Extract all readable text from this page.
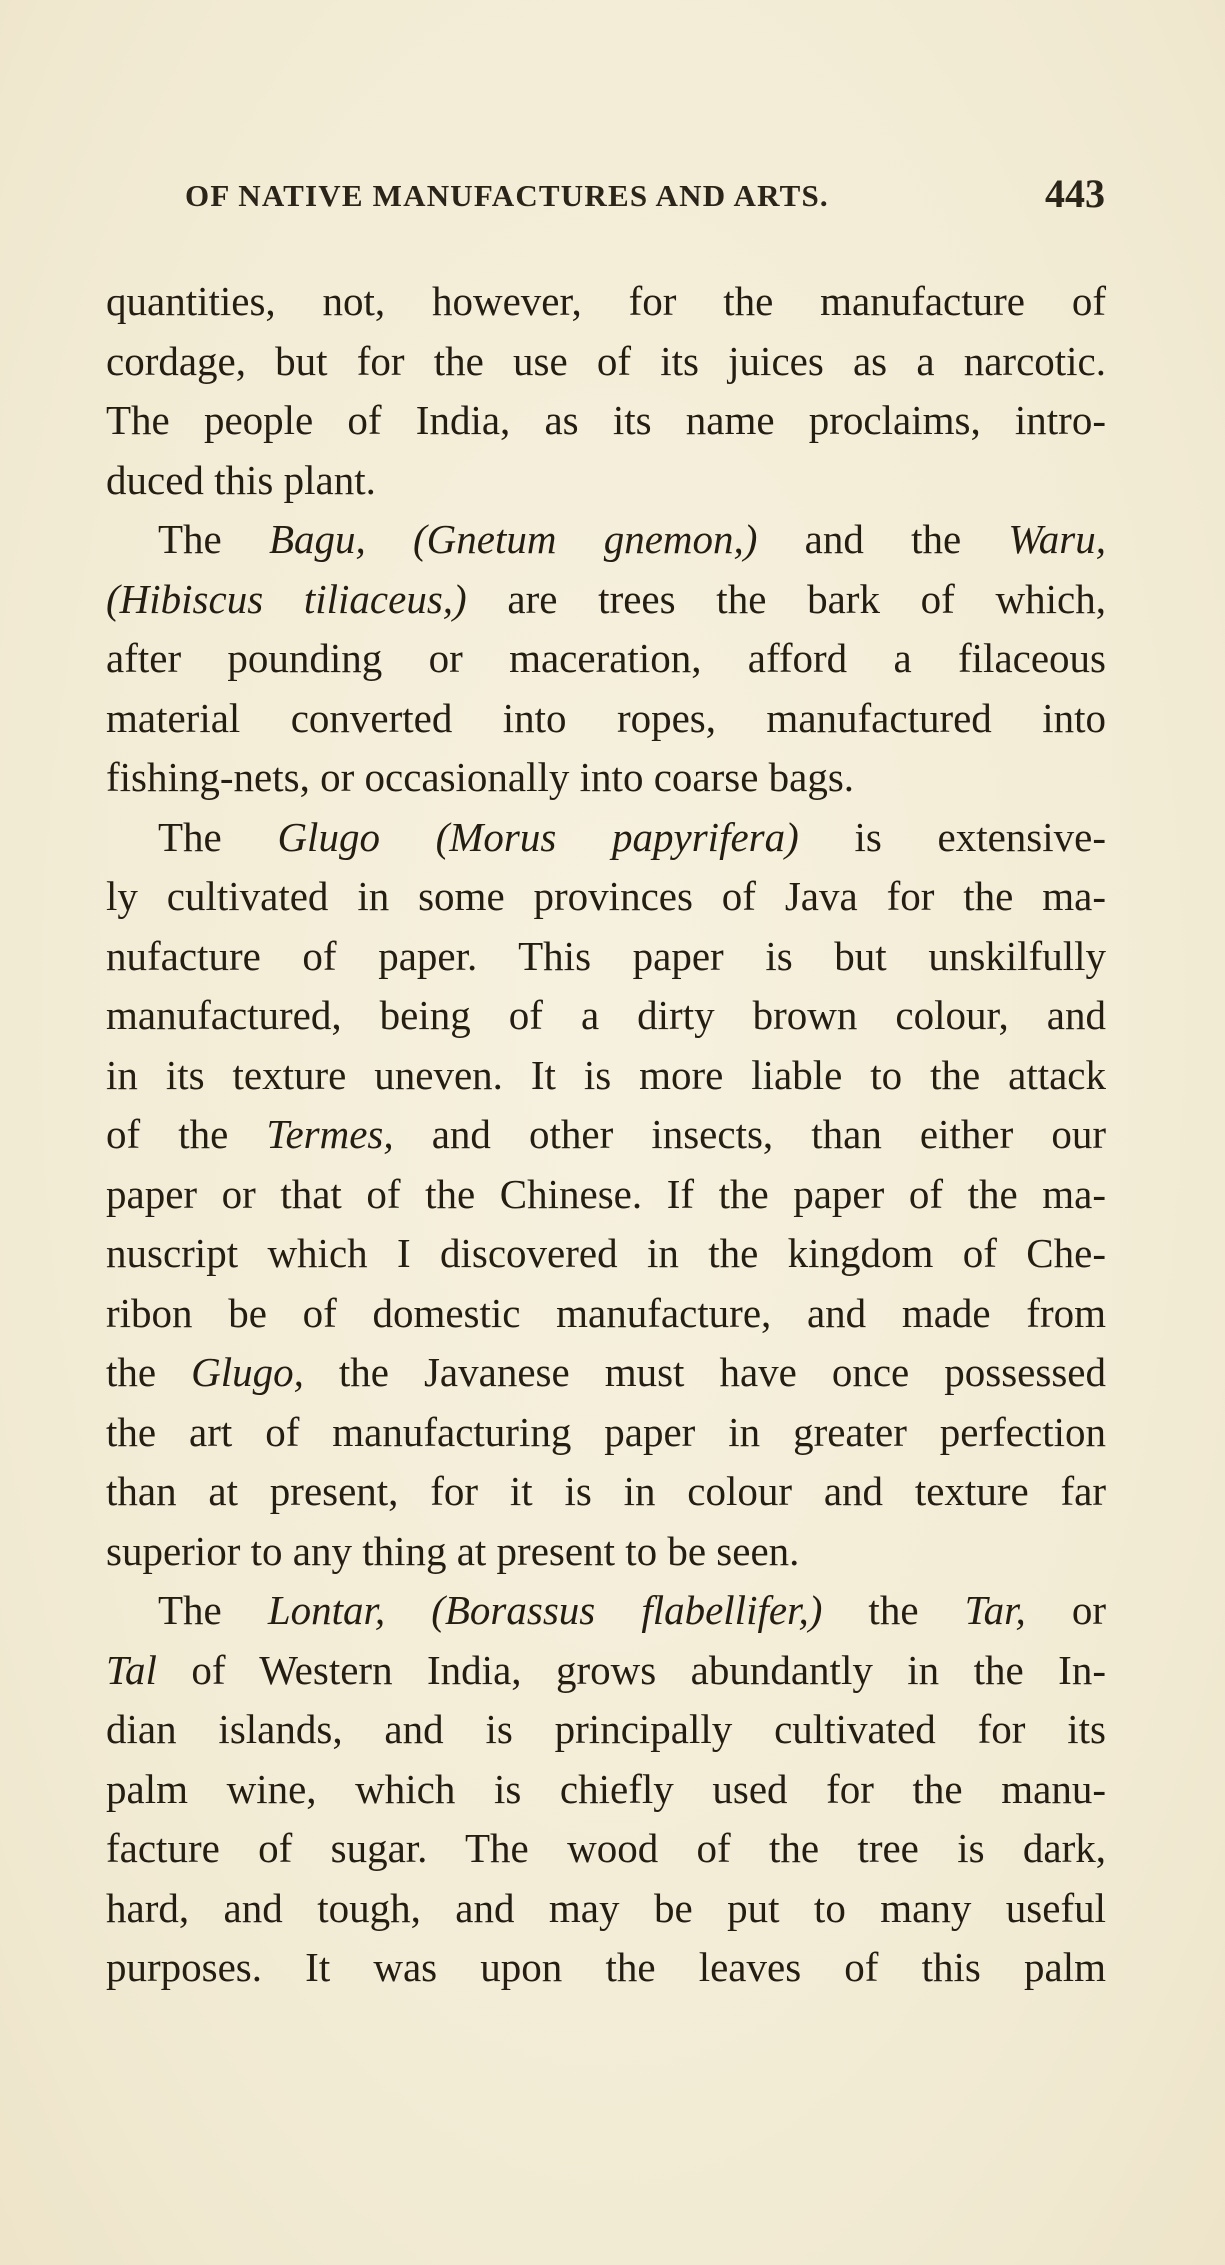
OF NATIVE MANUFACTURES AND ARTS.	443
quantities, not, however, for the manufacture of
cordage, but for the use of its juices as a narcotic.
The people of India, as its name proclaims, intro-
duced this plant.
The Bagu, (Gnetum gnemon,) and the Waru,
(Hibiscus tiliaceus,) are trees the bark of which,
after pounding or maceration, afford a filaceous
material converted into ropes, manufactured into
fishing-nets, or occasionally into coarse bags.
The Glugo (Morus papyrifera) is extensive-
ly cultivated in some provinces of Java for the ma-
nufacture of paper. This paper is but unskilfully
manufactured, being of a dirty brown colour, and
in its texture uneven. It is more liable to the attack
of the Termes, and other insects, than either our
paper or that of the Chinese. If the paper of the ma-
nuscript which I discovered in the kingdom of Che-
ribon be of domestic manufacture, and made from
the Glugo, the Javanese must have once possessed
the art of manufacturing paper in greater perfection
than at present, for it is in colour and texture far
superior to any thing at present to be seen.
The Lontar, (Borassus flabellifer,) the Tar, or
Tal of Western India, grows abundantly in the In-
dian islands, and is principally cultivated for its
palm wine, which is chiefly used for the manu-
facture of sugar. The wood of the tree is dark,
hard, and tough, and may be put to many useful
purposes. It was upon the leaves of this palm
